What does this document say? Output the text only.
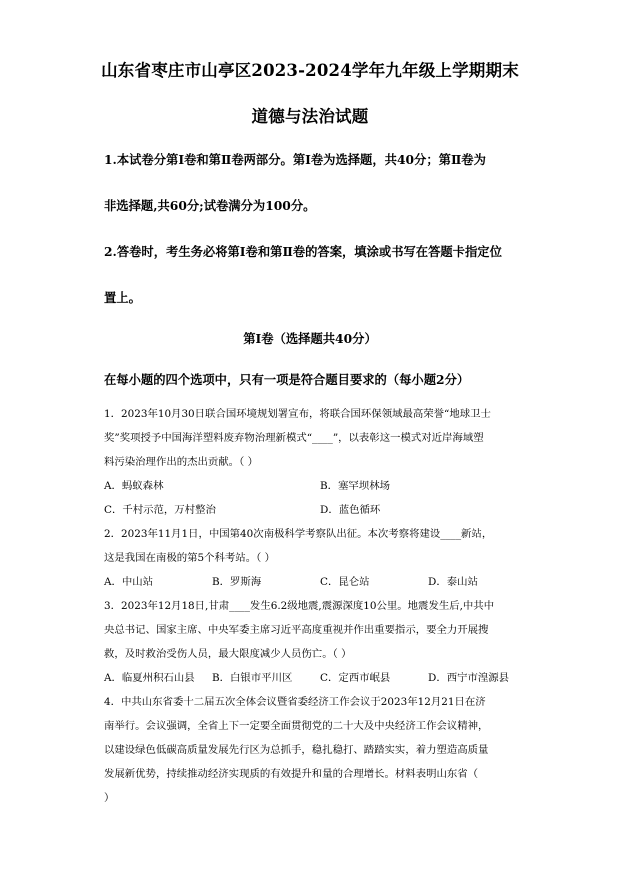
山东省枣庄市山亭区2023-2024学年九年级上学期期末
道德与法治试题
1.本试卷分第Ⅰ卷和第Ⅱ卷两部分。第Ⅰ卷为选择题，共40分；第Ⅱ卷为
非选择题,共60分;试卷满分为100分。
2.答卷时，考生务必将第Ⅰ卷和第Ⅱ卷的答案，填涂或书写在答题卡指定位
置上。
第Ⅰ卷（选择题共40分）
在每小题的四个选项中，只有一项是符合题目要求的（每小题2分）
1．2023年10月30日联合国环境规划署宣布，将联合国环保领域最高荣誉“地球卫士
奖”奖项授予中国海洋塑料废弃物治理新模式“____”，以表彰这一模式对近岸海域塑
料污染治理作出的杰出贡献。（ ）
A．蚂蚁森林	B．塞罕坝林场
C．千村示范，万村整治	D．蓝色循环
2．2023年11月1日，中国第40次南极科学考察队出征。本次考察将建设____新站，
这是我国在南极的第5个科考站。（ ）
A．中山站	B．罗斯海	C．昆仑站	D．泰山站
3．2023年12月18日,甘肃____发生6.2级地震,震源深度10公里。地震发生后,中共中
央总书记、国家主席、中央军委主席习近平高度重视并作出重要指示，要全力开展搜
救，及时救治受伤人员，最大限度减少人员伤亡。（ ）
A．临夏州积石山县 B．白银市平川区	C．定西市岷县	D．西宁市湟源县
4．中共山东省委十二届五次全体会议暨省委经济工作会议于2023年12月21日在济
南举行。会议强调，全省上下一定要全面贯彻党的二十大及中央经济工作会议精神，
以建设绿色低碳高质量发展先行区为总抓手，稳扎稳打、踏踏实实，着力塑造高质量
发展新优势，持续推动经济实现质的有效提升和量的合理增长。材料表明山东省（
）
